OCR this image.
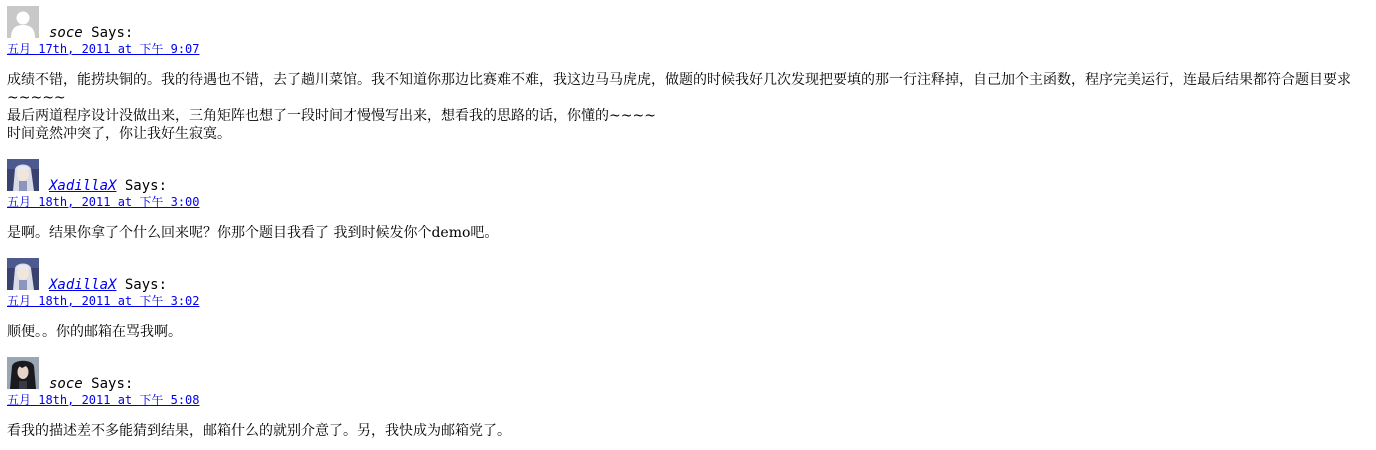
soce Says:
五月 17th, 2011 at 下午 9:07

成绩不错，能捞块铜的。我的待遇也不错，去了趟川菜馆。我不知道你那边比赛难不难，我这边马马虎虎，做题的时候我好几次发现把要填的那一行注释掉，自己加个主函数，程序完美运行，连最后结果都符合题目要求~~~~~

最后两道程序设计没做出来，三角矩阵也想了一段时间才慢慢写出来，想看我的思路的话，你懂的~~~~

时间竟然冲突了，你让我好生寂寞。

XadillaX Says:
五月 18th, 2011 at 下午 3:00

是啊。结果你拿了个什么回来呢？你那个题目我看了 我到时候发你个demo吧。

XadillaX Says:
五月 18th, 2011 at 下午 3:02

顺便。。你的邮箱在骂我啊。

soce Says:
五月 18th, 2011 at 下午 5:08

看我的描述差不多能猜到结果，邮箱什么的就别介意了。另，我快成为邮箱党了。
